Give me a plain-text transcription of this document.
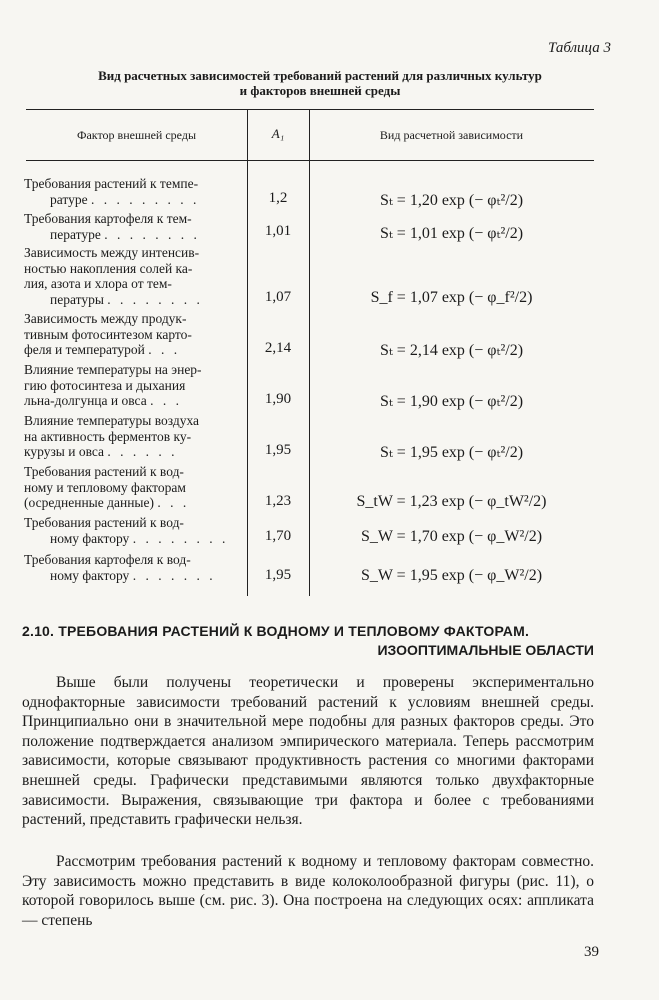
Таблица 3
Вид расчетных зависимостей требований растений для различных культур
и факторов внешней среды
Фактор внешней среды	A₁	Вид расчетной зависимости
Требования растений к темпе-
ратуре . . . . . . . . .	1,2	Sₜ = 1,20 exp (− φₜ²/2)
Требования картофеля к тем-
пературе . . . . . . . .	1,01	Sₜ = 1,01 exp (− φₜ²/2)
Зависимость между интенсив-
ностью накопления солей ка-
лия, азота и хлора от тем-
пературы . . . . . . . .	1,07	S_f = 1,07 exp (− φ_f²/2)
Зависимость между продук-
тивным фотосинтезом карто-
феля и температурой . . .	2,14	Sₜ = 2,14 exp (− φₜ²/2)
Влияние температуры на энер-
гию фотосинтеза и дыхания
льна-долгунца и овса . . .	1,90	Sₜ = 1,90 exp (− φₜ²/2)
Влияние температуры воздуха
на активность ферментов ку-
курузы и овса . . . . . .	1,95	Sₜ = 1,95 exp (− φₜ²/2)
Требования растений к вод-
ному и тепловому факторам
(осредненные данные) . . .	1,23	S_tW = 1,23 exp (− φ_tW²/2)
Требования растений к вод-
ному фактору . . . . . . . .	1,70	S_W = 1,70 exp (− φ_W²/2)
Требования картофеля к вод-
ному фактору . . . . . . .	1,95	S_W = 1,95 exp (− φ_W²/2)
2.10. ТРЕБОВАНИЯ РАСТЕНИЙ К ВОДНОМУ И ТЕПЛОВОМУ ФАКТОРАМ.
ИЗООПТИМАЛЬНЫЕ ОБЛАСТИ
Выше были получены теоретически и проверены экспериментально однофакторные зависимости требований растений к условиям внешней среды. Принципиально они в значительной мере подобны для разных факторов среды. Это положение подтверждается анализом эмпирического материала. Теперь рассмотрим зависимости, которые связывают продуктивность растения со многими факторами внешней среды. Графически представимыми являются только двухфакторные зависимости. Выражения, связывающие три фактора и более с требованиями растений, представить графически нельзя.
Рассмотрим требования растений к водному и тепловому факторам совместно. Эту зависимость можно представить в виде колоколообразной фигуры (рис. 11), о которой говорилось выше (см. рис. 3). Она построена на следующих осях: аппликата — степень
39
